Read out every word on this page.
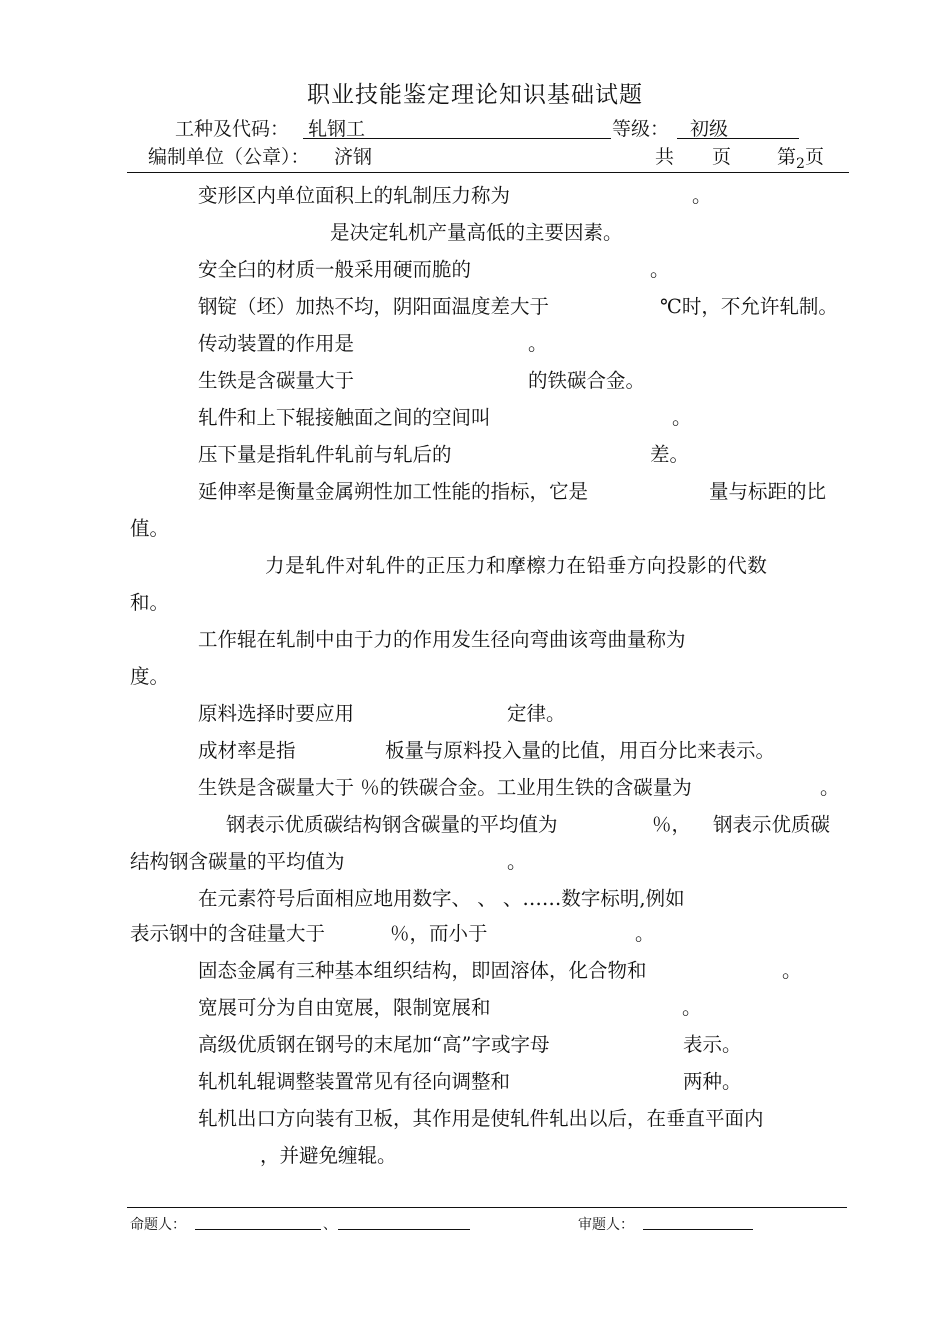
职业技能鉴定理论知识基础试题
工种及代码： 轧钢工	等级： 初级
编制单位（公章）： 济钢	共 页 第$_2$页
变形区内单位面积上的轧制压力称为	。
是决定轧机产量高低的主要因素。
安全臼的材质一般采用硬而脆的	。
钢锭（坯）加热不均，阴阳面温度差大于	℃时，不允许轧制。
传动装置的作用是	。
生铁是含碳量大于	的铁碳合金。
轧件和上下辊接触面之间的空间叫	。
压下量是指轧件轧前与轧后的	差。
延伸率是衡量金属朔性加工性能的指标，它是	量与标距的比
值。
力是轧件对轧件的正压力和摩檫力在铅垂方向投影的代数
和。
工作辊在轧制中由于力的作用发生径向弯曲该弯曲量称为
度。
原料选择时要应用	定律。
成材率是指	板量与原料投入量的比值，用百分比来表示。
生铁是含碳量大于 ％的铁碳合金。工业用生铁的含碳量为	。
钢表示优质碳结构钢含碳量的平均值为	％， 钢表示优质碳
结构钢含碳量的平均值为	。
在元素符号后面相应地用数字、 、 、……数字标明,例如
表示钢中的含硅量大于	％，而小于	。
固态金属有三种基本组织结构，即固溶体，化合物和	。
宽展可分为自由宽展，限制宽展和	。
高级优质钢在钢号的末尾加“高”字或字母	表示。
轧机轧辊调整装置常见有径向调整和	两种。
轧机出口方向装有卫板，其作用是使轧件轧出以后，在垂直平面内
，并避免缠辊。
命题人：	、	审题人：
